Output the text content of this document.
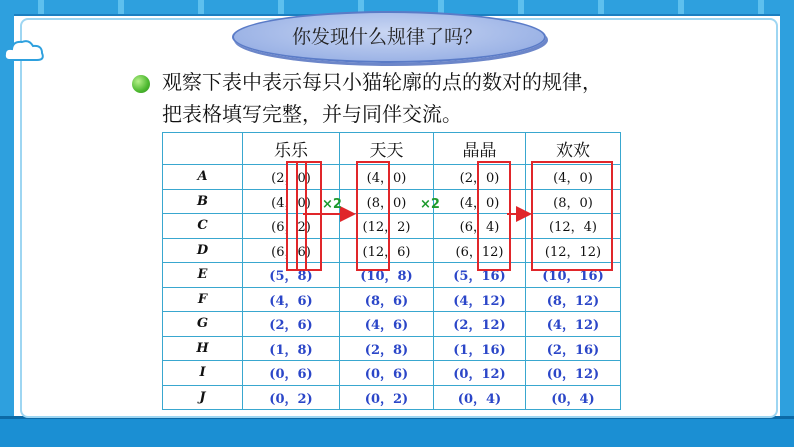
你发现什么规律了吗？
观察下表中表示每只小猫轮廓的点的数对的规律，
把表格填写完整，并与同伴交流。
	乐乐	天天	晶晶	欢欢
A	(2，0)	(4，0)	(2，0)	(4，0)
B	(4，0)	(8，0)	(4，0)	(8，0)
C	(6，2)	(12，2)	(6，4)	(12，4)
D	(6，6)	(12，6)	(6，12)	(12，12)
E	(5，8)	(10，8)	(5，16)	(10，16)
F	(4，6)	(8，6)	(4，12)	(8，12)
G	(2，6)	(4，6)	(2，12)	(4，12)
H	(1，8)	(2，8)	(1，16)	(2，16)
I	(0，6)	(0，6)	(0，12)	(0，12)
J	(0，2)	(0，2)	(0，4)	(0，4)
×2	×2
